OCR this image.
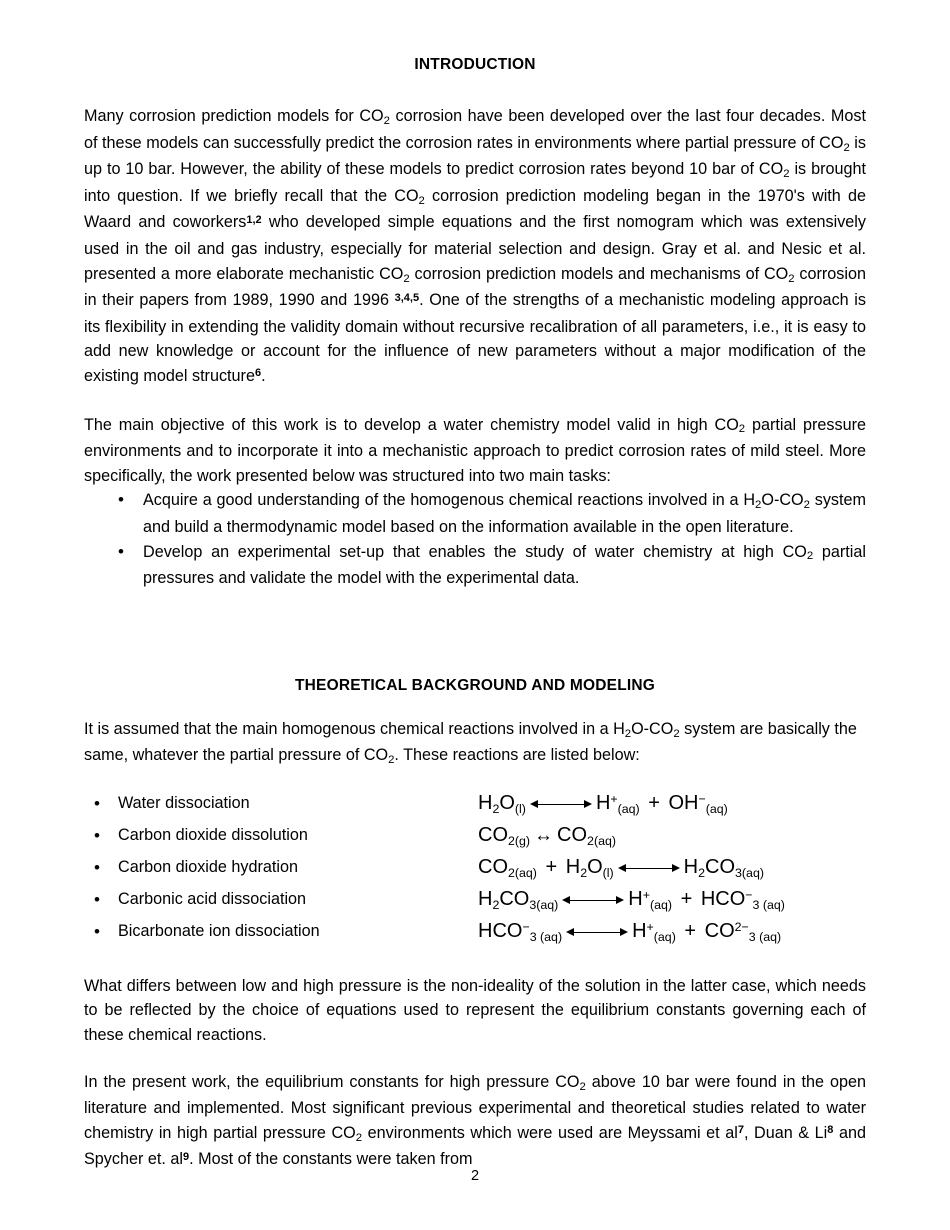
INTRODUCTION

Many corrosion prediction models for CO2 corrosion have been developed over the last four decades. Most of these models can successfully predict the corrosion rates in environments where partial pressure of CO2 is up to 10 bar. However, the ability of these models to predict corrosion rates beyond 10 bar of CO2 is brought into question. If we briefly recall that the CO2 corrosion prediction modeling began in the 1970's with de Waard and coworkers$^{1,2}$ who developed simple equations and the first nomogram which was extensively used in the oil and gas industry, especially for material selection and design. Gray et al. and Nesic et al. presented a more elaborate mechanistic CO2 corrosion prediction models and mechanisms of CO2 corrosion in their papers from 1989, 1990 and 1996 $^{3,4,5}$. One of the strengths of a mechanistic modeling approach is its flexibility in extending the validity domain without recursive recalibration of all parameters, i.e., it is easy to add new knowledge or account for the influence of new parameters without a major modification of the existing model structure$^6$.

The main objective of this work is to develop a water chemistry model valid in high CO2 partial pressure environments and to incorporate it into a mechanistic approach to predict corrosion rates of mild steel. More specifically, the work presented below was structured into two main tasks:

• Acquire a good understanding of the homogenous chemical reactions involved in a H2O-CO2 system and build a thermodynamic model based on the information available in the open literature.
• Develop an experimental set-up that enables the study of water chemistry at high CO2 partial pressures and validate the model with the experimental data.
THEORETICAL BACKGROUND AND MODELING

It is assumed that the main homogenous chemical reactions involved in a H2O-CO2 system are basically the same, whatever the partial pressure of CO2. These reactions are listed below:

• Water dissociation	$H_2O_{(l)}$	$H^+_{(aq)} + OH^-_{(aq)}$
• Carbon dioxide dissolution	$CO_{2(g)}$ ↔ $CO_{2(aq)}$
• Carbon dioxide hydration	$CO_{2(aq)} + H_2O_{(l)}$	$H_2CO_{3(aq)}$
• Carbonic acid dissociation	$H_2CO_{3(aq)}$	$H^+_{(aq)} + HCO^-_{3 (aq)}$
• Bicarbonate ion dissociation	$HCO^-_{3 (aq)}$	$H^+_{(aq)} + CO^{2-}_3$ $_{(aq)}$

What differs between low and high pressure is the non-ideality of the solution in the latter case, which needs to be reflected by the choice of equations used to represent the equilibrium constants governing each of these chemical reactions.

In the present work, the equilibrium constants for high pressure CO2 above 10 bar were found in the open literature and implemented. Most significant previous experimental and theoretical studies related to water chemistry in high partial pressure CO2 environments which were used are Meyssami et al$^7$, Duan & Li$^8$ and Spycher et. al$^9$. Most of the constants were taken from

2
